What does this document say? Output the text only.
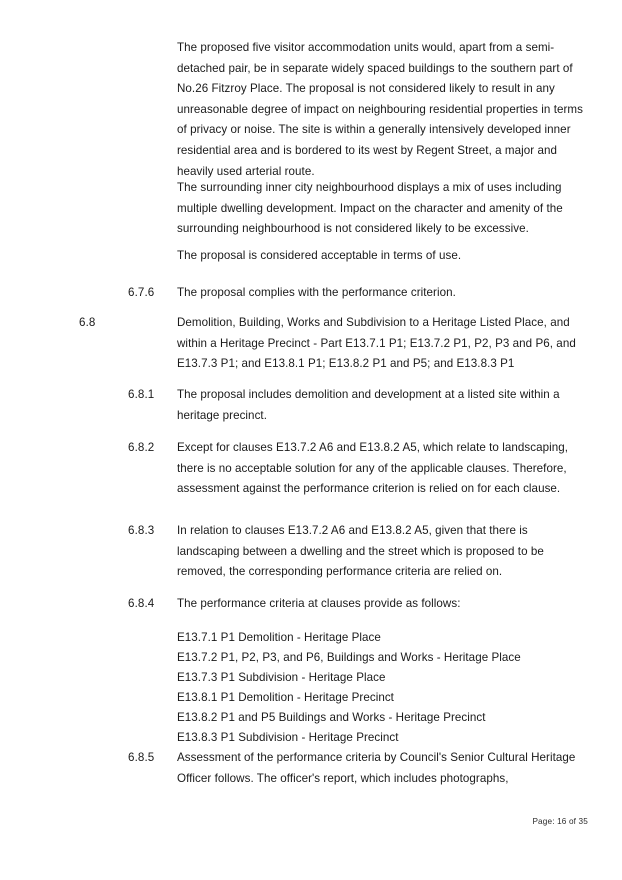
The proposed five visitor accommodation units would, apart from a semi-detached pair, be in separate widely spaced buildings to the southern part of No.26 Fitzroy Place. The proposal is not considered likely to result in any unreasonable degree of impact on neighbouring residential properties in terms of privacy or noise. The site is within a generally intensively developed inner residential area and is bordered to its west by Regent Street, a major and heavily used arterial route.
The surrounding inner city neighbourhood displays a mix of uses including multiple dwelling development. Impact on the character and amenity of the surrounding neighbourhood is not considered likely to be excessive.
The proposal is considered acceptable in terms of use.
6.7.6 The proposal complies with the performance criterion.
6.8	Demolition, Building, Works and Subdivision to a Heritage Listed Place, and within a Heritage Precinct - Part E13.7.1 P1; E13.7.2 P1, P2, P3 and P6, and E13.7.3 P1; and E13.8.1 P1; E13.8.2 P1 and P5; and E13.8.3 P1
6.8.1 The proposal includes demolition and development at a listed site within a heritage precinct.
6.8.2 Except for clauses E13.7.2 A6 and E13.8.2 A5, which relate to landscaping, there is no acceptable solution for any of the applicable clauses. Therefore, assessment against the performance criterion is relied on for each clause.
6.8.3 In relation to clauses E13.7.2 A6 and E13.8.2 A5, given that there is landscaping between a dwelling and the street which is proposed to be removed, the corresponding performance criteria are relied on.
6.8.4 The performance criteria at clauses provide as follows:
E13.7.1 P1 Demolition - Heritage Place
E13.7.2 P1, P2, P3, and P6, Buildings and Works - Heritage Place
E13.7.3 P1 Subdivision - Heritage Place
E13.8.1 P1 Demolition - Heritage Precinct
E13.8.2 P1 and P5 Buildings and Works - Heritage Precinct
E13.8.3 P1 Subdivision - Heritage Precinct
6.8.5 Assessment of the performance criteria by Council's Senior Cultural Heritage Officer follows. The officer's report, which includes photographs,
Page: 16 of 35
